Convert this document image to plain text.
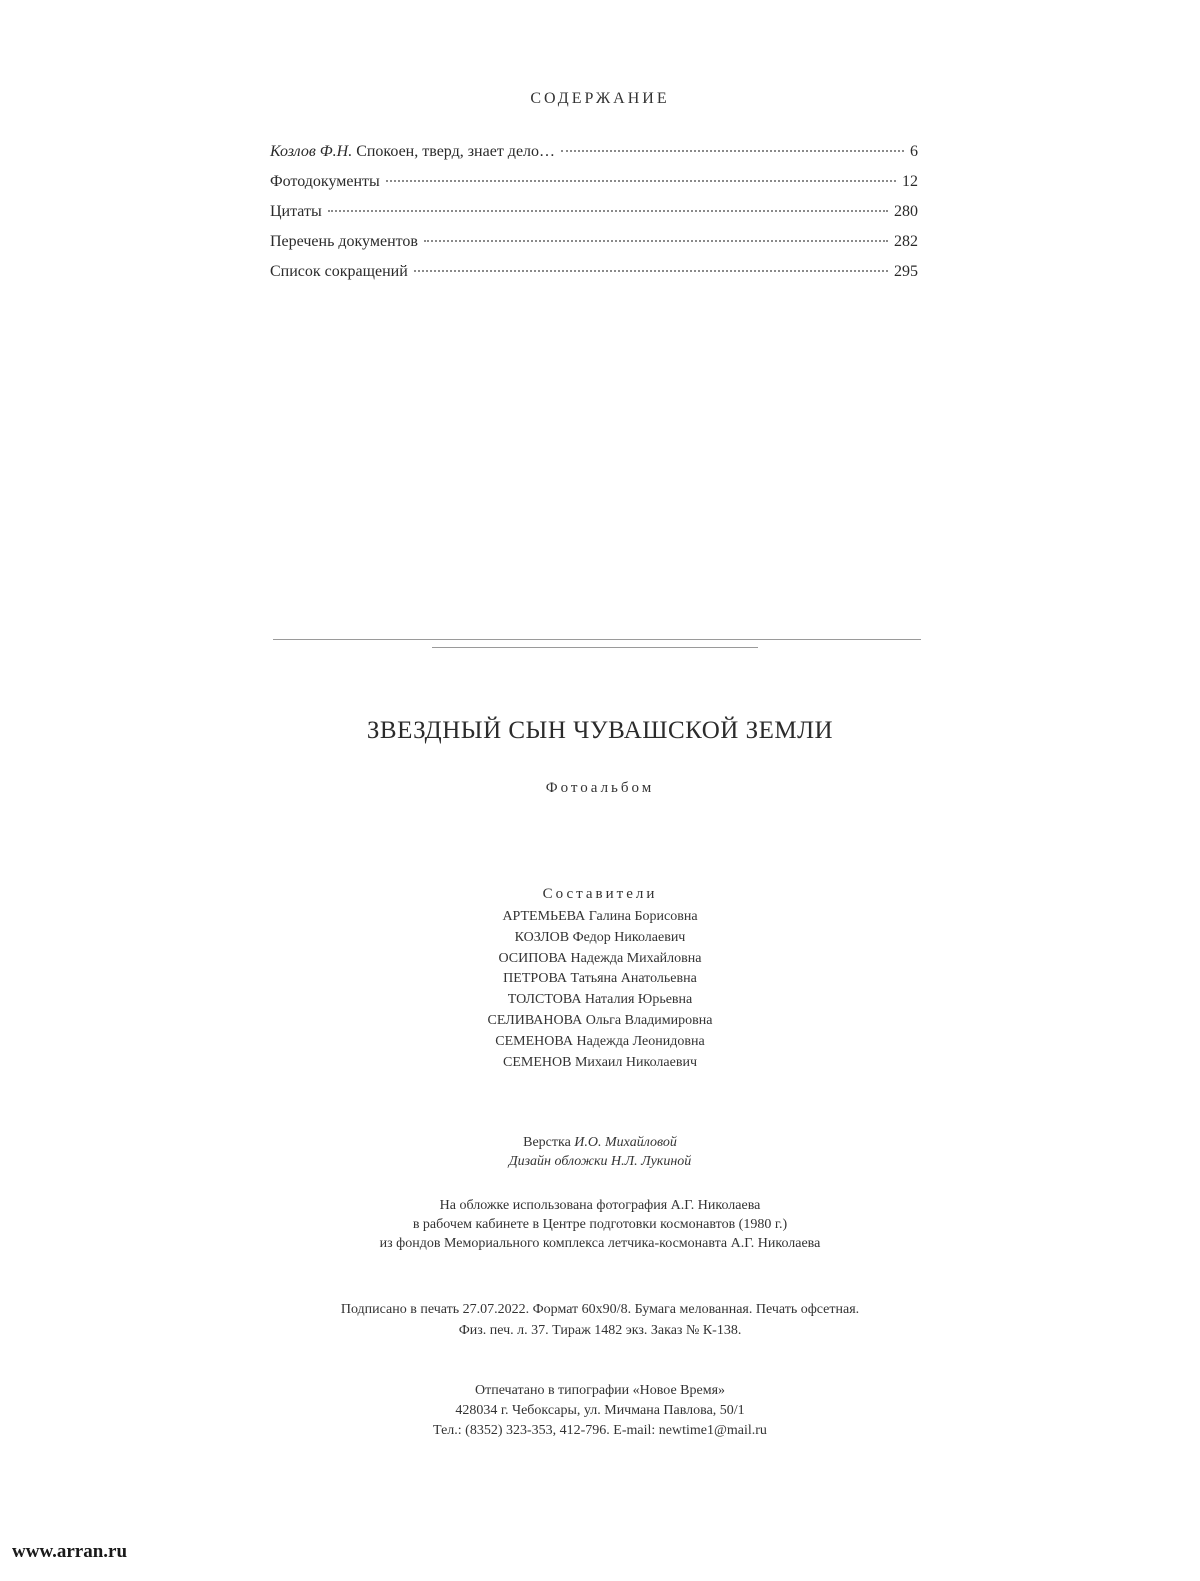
СОДЕРЖАНИЕ
Козлов Ф.Н. Спокоен, тверд, знает дело…	6
Фотодокументы	12
Цитаты	280
Перечень документов	282
Список сокращений	295
ЗВЕЗДНЫЙ СЫН ЧУВАШСКОЙ ЗЕМЛИ
Фотоальбом
Составители
АРТЕМЬЕВА Галина Борисовна
КОЗЛОВ Федор Николаевич
ОСИПОВА Надежда Михайловна
ПЕТРОВА Татьяна Анатольевна
ТОЛСТОВА Наталия Юрьевна
СЕЛИВАНОВА Ольга Владимировна
СЕМЕНОВА Надежда Леонидовна
СЕМЕНОВ Михаил Николаевич
Верстка И.О. Михайловой
Дизайн обложки Н.Л. Лукиной
На обложке использована фотография А.Г. Николаева
в рабочем кабинете в Центре подготовки космонавтов (1980 г.)
из фондов Мемориального комплекса летчика-космонавта А.Г. Николаева
Подписано в печать 27.07.2022. Формат 60х90/8. Бумага мелованная. Печать офсетная.
Физ. печ. л. 37. Тираж 1482 экз. Заказ № К-138.
Отпечатано в типографии «Новое Время»
428034 г. Чебоксары, ул. Мичмана Павлова, 50/1
Тел.: (8352) 323-353, 412-796. E-mail: newtime1@mail.ru
www.arran.ru
